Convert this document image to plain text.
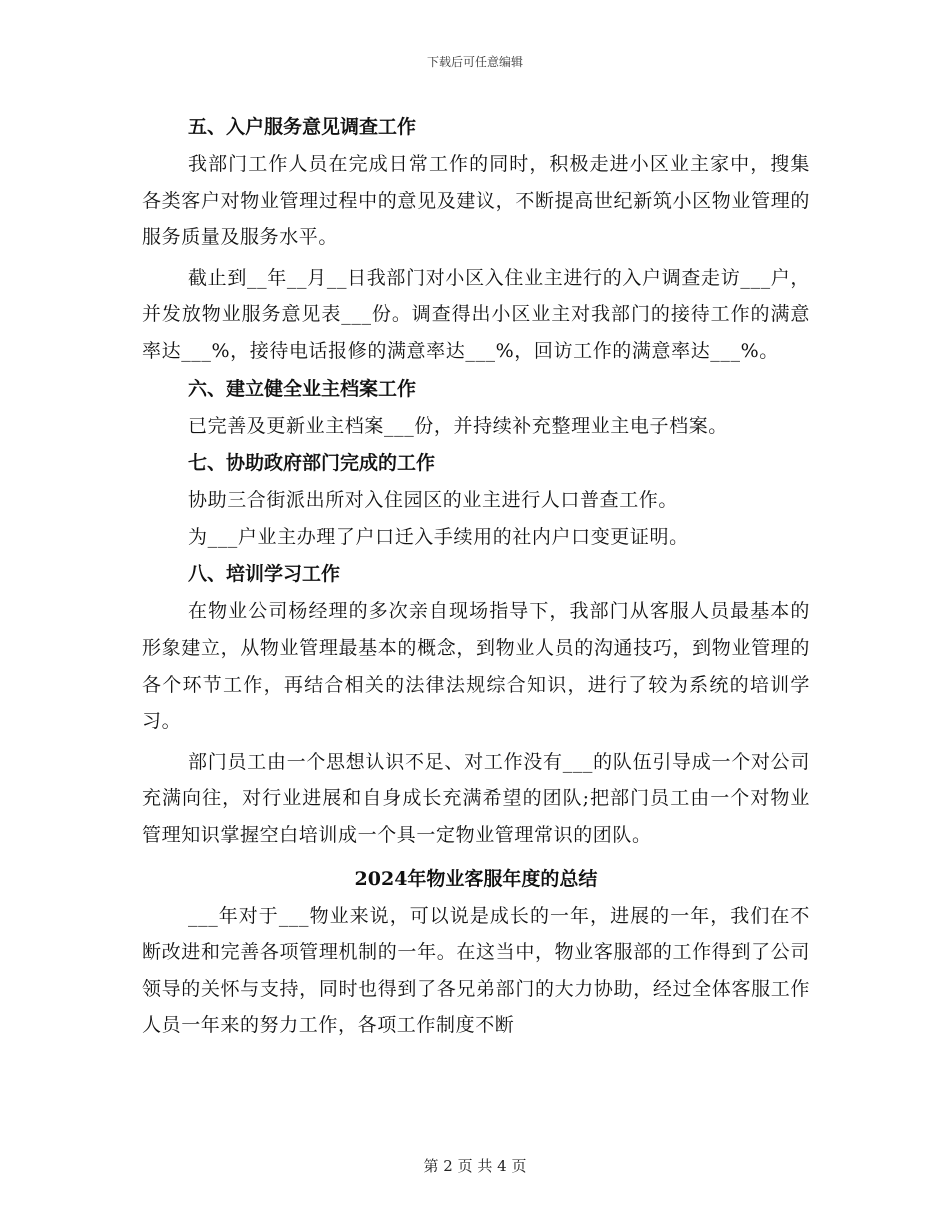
下载后可任意编辑
五、入户服务意见调查工作

我部门工作人员在完成日常工作的同时，积极走进小区业主家中，搜集各类客户对物业管理过程中的意见及建议，不断提高世纪新筑小区物业管理的服务质量及服务水平。

截止到__年__月__日我部门对小区入住业主进行的入户调查走访___户，并发放物业服务意见表___份。调查得出小区业主对我部门的接待工作的满意率达___%，接待电话报修的满意率达___%，回访工作的满意率达___%。

六、建立健全业主档案工作

已完善及更新业主档案___份，并持续补充整理业主电子档案。

七、协助政府部门完成的工作

协助三合街派出所对入住园区的业主进行人口普查工作。

为___户业主办理了户口迁入手续用的社内户口变更证明。

八、培训学习工作

在物业公司杨经理的多次亲自现场指导下，我部门从客服人员最基本的形象建立，从物业管理最基本的概念，到物业人员的沟通技巧，到物业管理的各个环节工作，再结合相关的法律法规综合知识，进行了较为系统的培训学习。

部门员工由一个思想认识不足、对工作没有___的队伍引导成一个对公司充满向往，对行业进展和自身成长充满希望的团队;把部门员工由一个对物业管理知识掌握空白培训成一个具一定物业管理常识的团队。

2024年物业客服年度的总结

___年对于___物业来说，可以说是成长的一年，进展的一年，我们在不断改进和完善各项管理机制的一年。在这当中，物业客服部的工作得到了公司领导的关怀与支持，同时也得到了各兄弟部门的大力协助，经过全体客服工作人员一年来的努力工作，各项工作制度不断

第 2 页 共 4 页
